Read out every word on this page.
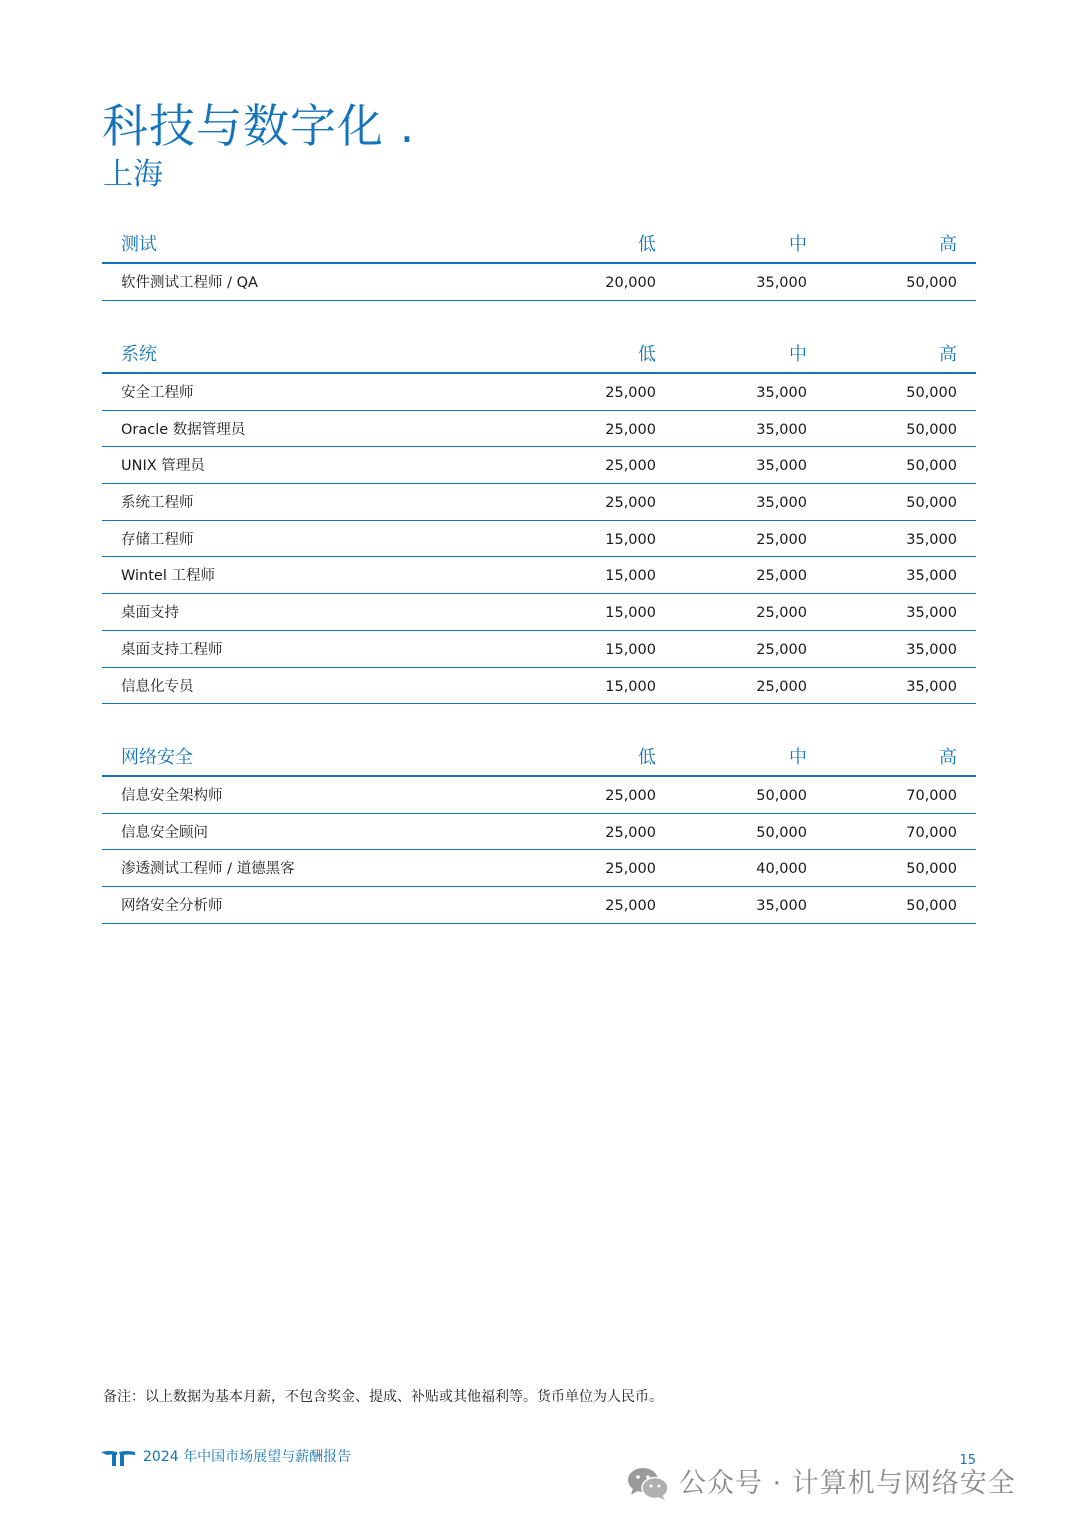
科技与数字化 .
上海
测试	低	中	高
软件测试工程师 / QA	20,000	35,000	50,000
系统	低	中	高
安全工程师	25,000	35,000	50,000
Oracle 数据管理员	25,000	35,000	50,000
UNIX 管理员	25,000	35,000	50,000
系统工程师	25,000	35,000	50,000
存储工程师	15,000	25,000	35,000
Wintel 工程师	15,000	25,000	35,000
桌面支持	15,000	25,000	35,000
桌面支持工程师	15,000	25,000	35,000
信息化专员	15,000	25,000	35,000
网络安全	低	中	高
信息安全架构师	25,000	50,000	70,000
信息安全顾问	25,000	50,000	70,000
渗透测试工程师 / 道德黑客	25,000	40,000	50,000
网络安全分析师	25,000	35,000	50,000
备注：以上数据为基本月薪，不包含奖金、提成、补贴或其他福利等。货币单位为人民币。
2024 年中国市场展望与薪酬报告	15
公众号 · 计算机与网络安全
